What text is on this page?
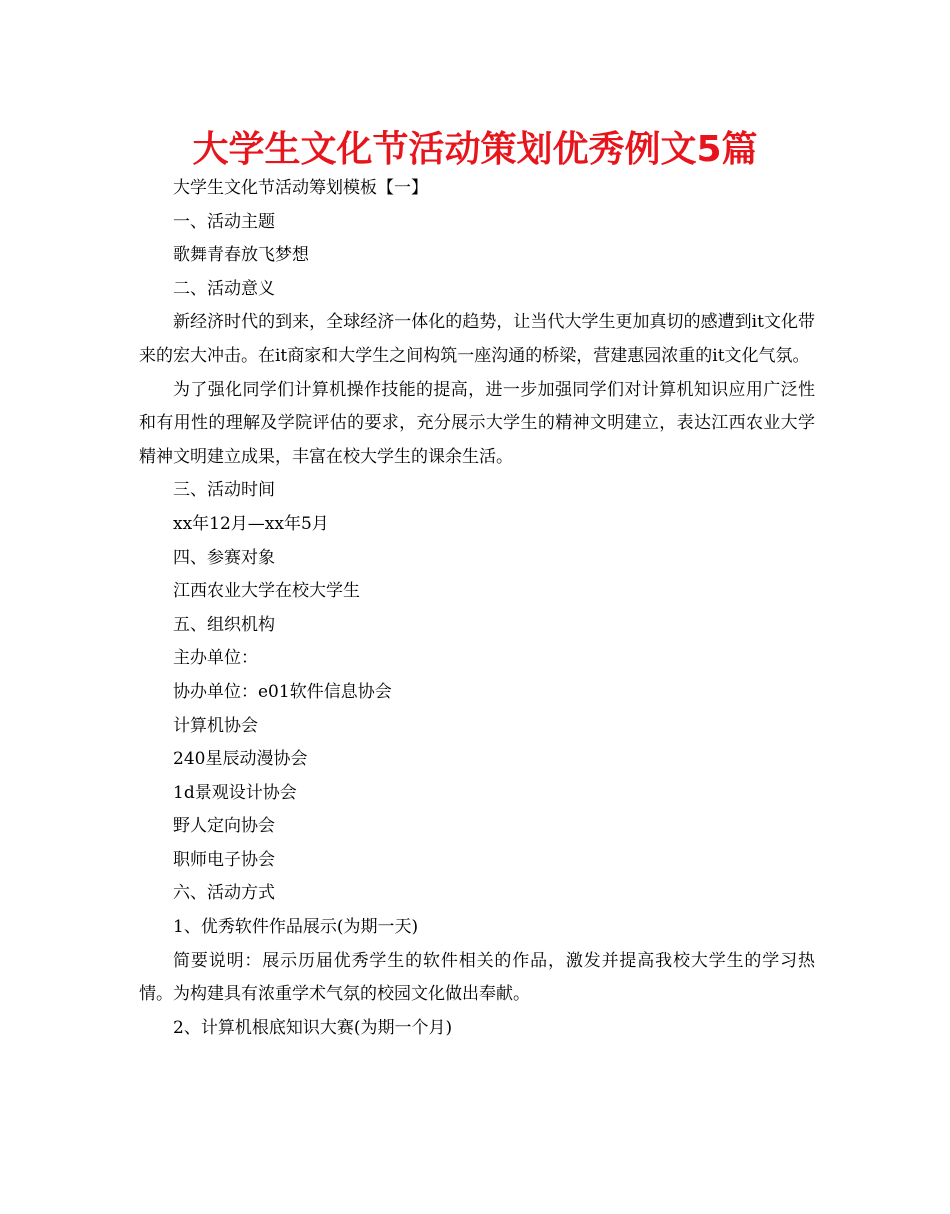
大学生文化节活动策划优秀例文5篇

大学生文化节活动筹划模板【一】

一、活动主题

歌舞青春放飞梦想

二、活动意义

新经济时代的到来，全球经济一体化的趋势，让当代大学生更加真切的感遭到it文化带来的宏大冲击。在it商家和大学生之间构筑一座沟通的桥梁，营建惠园浓重的it文化气氛。

为了强化同学们计算机操作技能的提高，进一步加强同学们对计算机知识应用广泛性和有用性的理解及学院评估的要求，充分展示大学生的精神文明建立，表达江西农业大学精神文明建立成果，丰富在校大学生的课余生活。

三、活动时间

xx年12月—xx年5月

四、参赛对象

江西农业大学在校大学生

五、组织机构

主办单位：

协办单位：e01软件信息协会

计算机协会

240星辰动漫协会

1d景观设计协会

野人定向协会

职师电子协会

六、活动方式

1、优秀软件作品展示(为期一天)

简要说明：展示历届优秀学生的软件相关的作品，激发并提高我校大学生的学习热情。为构建具有浓重学术气氛的校园文化做出奉献。

2、计算机根底知识大赛(为期一个月)
